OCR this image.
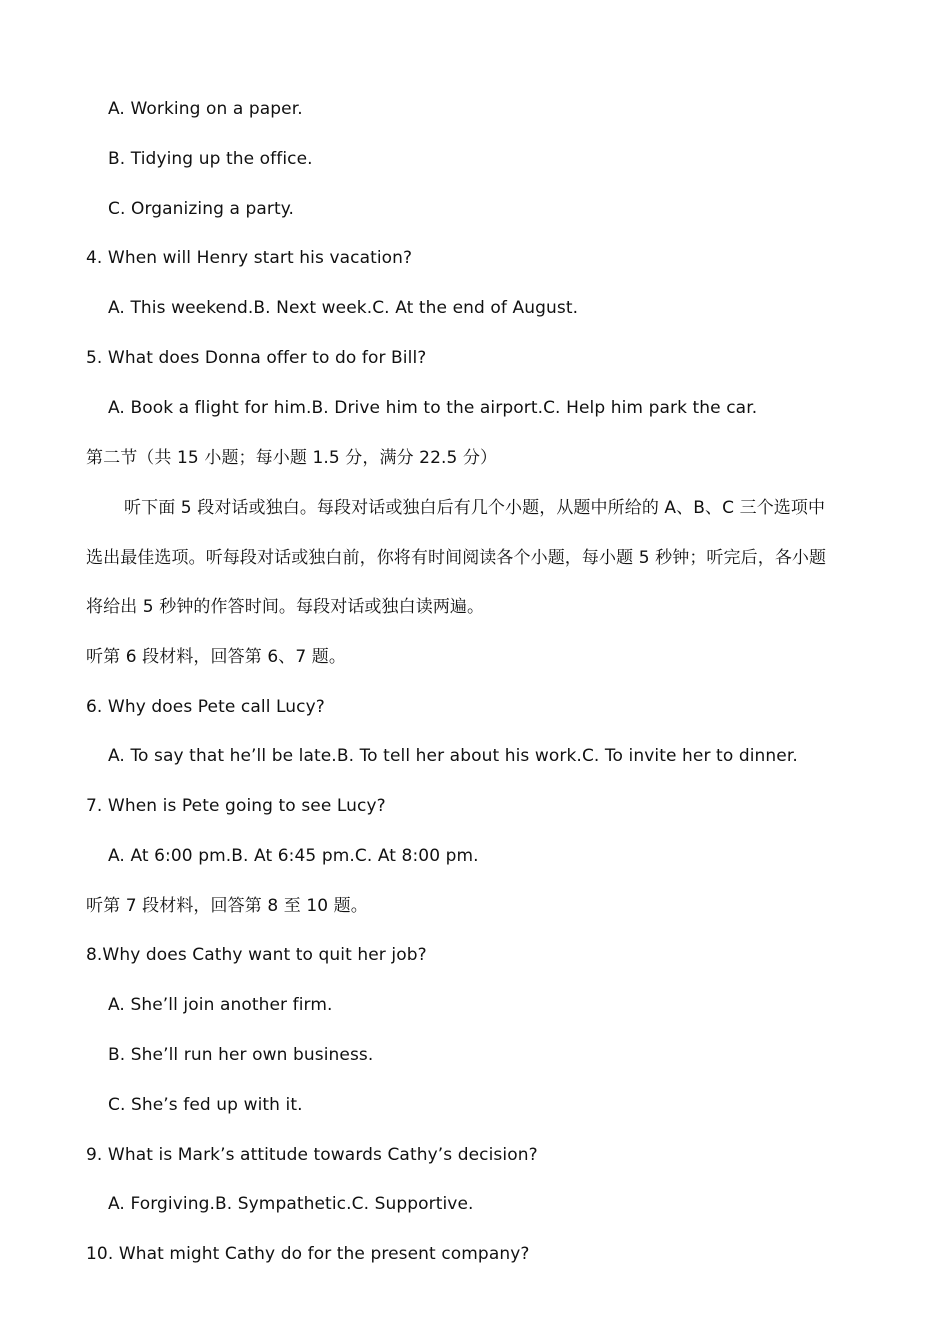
A. Working on a paper.
B. Tidying up the office.
C. Organizing a party.
4. When will Henry start his vacation?
A. This weekend.B. Next week.C. At the end of August.
5. What does Donna offer to do for Bill?
A. Book a flight for him.B. Drive him to the airport.C. Help him park the car.
第二节（共 15 小题；每小题 1.5 分，满分 22.5 分）
听下面 5 段对话或独白。每段对话或独白后有几个小题，从题中所给的 A、B、C 三个选项中
选出最佳选项。听每段对话或独白前，你将有时间阅读各个小题，每小题 5 秒钟；听完后，各小题
将给出 5 秒钟的作答时间。每段对话或独白读两遍。
听第 6 段材料，回答第 6、7 题。
6. Why does Pete call Lucy?
A. To say that he’ll be late.B. To tell her about his work.C. To invite her to dinner.
7. When is Pete going to see Lucy?
A. At 6:00 pm.B. At 6:45 pm.C. At 8:00 pm.
听第 7 段材料，回答第 8 至 10 题。
8.Why does Cathy want to quit her job?
A. She’ll join another firm.
B. She’ll run her own business.
C. She’s fed up with it.
9. What is Mark’s attitude towards Cathy’s decision?
A. Forgiving.B. Sympathetic.C. Supportive.
10. What might Cathy do for the present company?
